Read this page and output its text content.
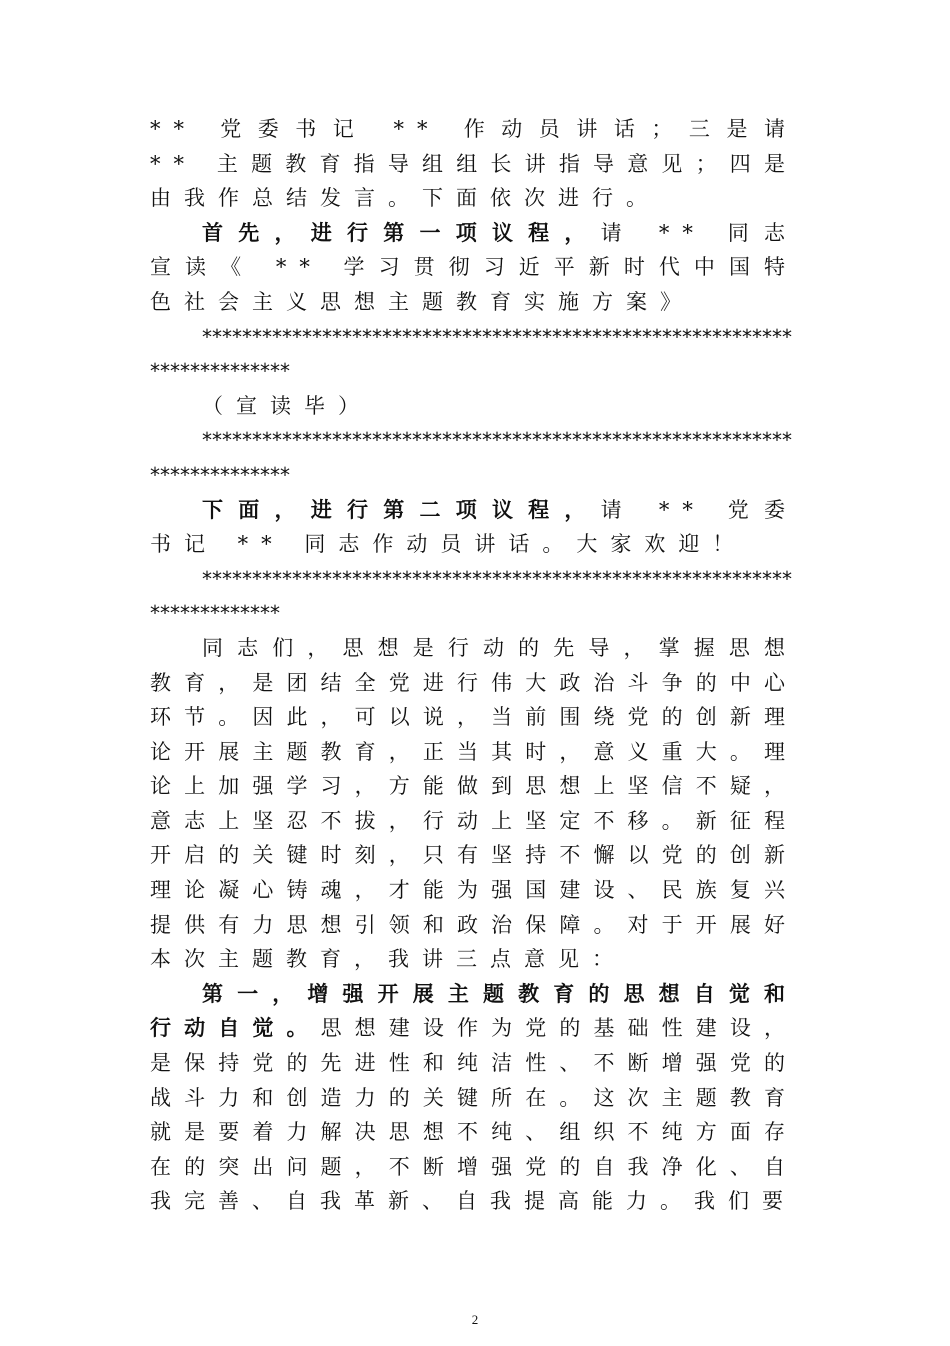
** 党委书记 ** 作动员讲话；三是请 ** 主题教育指导组组长讲指导意见；四是由我作总结发言。下面依次进行。

首先，进行第一项议程，请 ** 同志宣读《 ** 学习贯彻习近平新时代中国特色社会主义思想主题教育实施方案》

*************************************************************************

（宣读毕）

*************************************************************************

下面，进行第二项议程，请 ** 党委书记 ** 同志作动员讲话。大家欢迎！

************************************************************************

同志们，思想是行动的先导，掌握思想教育，是团结全党进行伟大政治斗争的中心环节。因此，可以说，当前围绕党的创新理论开展主题教育，正当其时，意义重大。理论上加强学习，方能做到思想上坚信不疑，意志上坚忍不拔，行动上坚定不移。新征程开启的关键时刻，只有坚持不懈以党的创新理论凝心铸魂，才能为强国建设、民族复兴提供有力思想引领和政治保障。对于开展好本次主题教育，我讲三点意见：

第一，增强开展主题教育的思想自觉和行动自觉。思想建设作为党的基础性建设，是保持党的先进性和纯洁性、不断增强党的战斗力和创造力的关键所在。这次主题教育就是要着力解决思想不纯、组织不纯方面存在的突出问题，不断增强党的自我净化、自我完善、自我革新、自我提高能力。我们要

2
